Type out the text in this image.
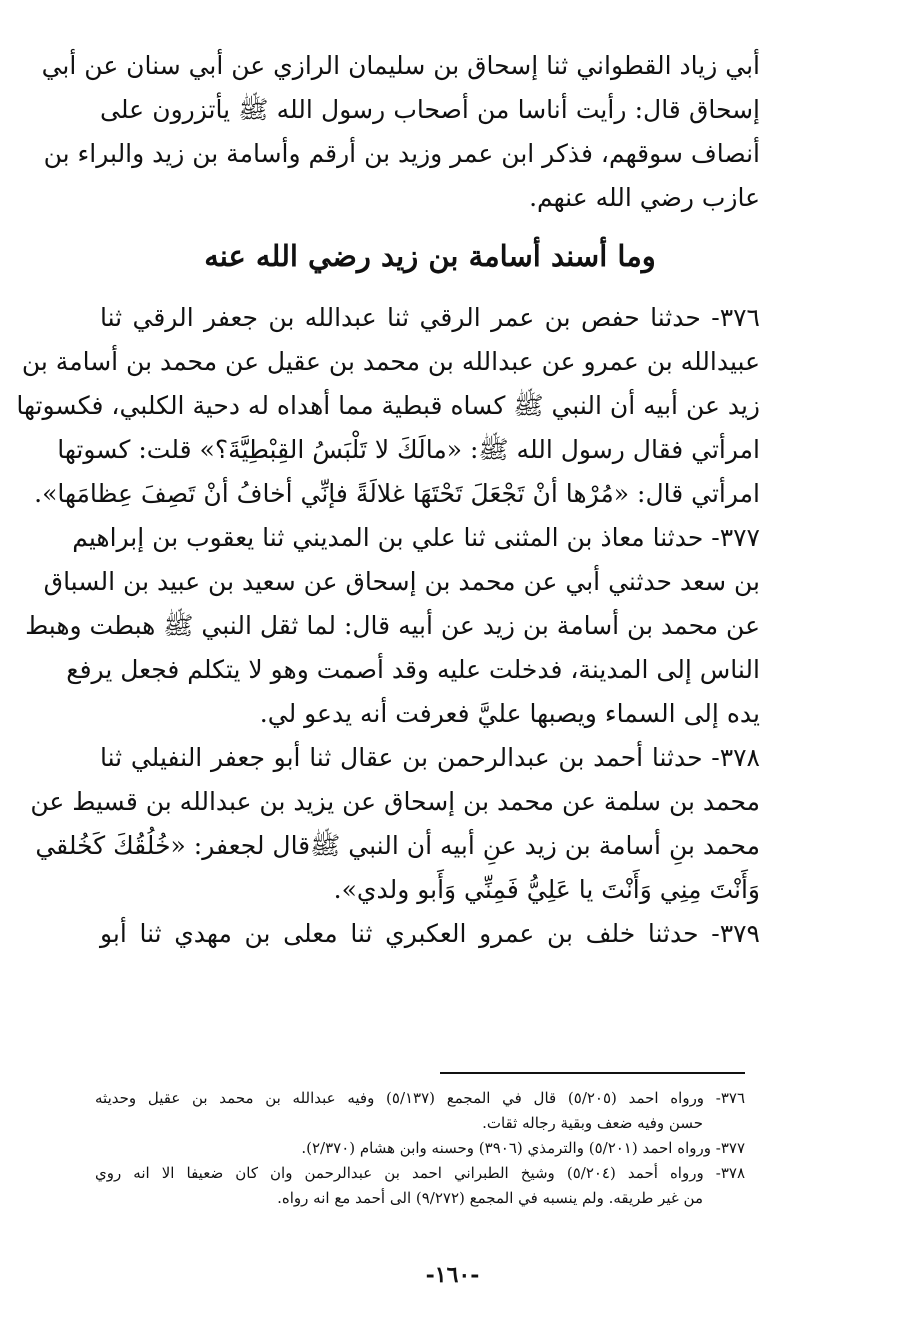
أبي زياد القطواني ثنا إسحاق بن سليمان الرازي عن أبي سنان عن أبي

إسحاق قال: رأيت أناسا من أصحاب رسول الله ﷺ يأتزرون على

أنصاف سوقهم، فذكر ابن عمر وزيد بن أرقم وأسامة بن زيد والبراء بن

عازب رضي الله عنهم.

وما أسند أسامة بن زيد رضي الله عنه

٣٧٦- حدثنا حفص بن عمر الرقي ثنا عبدالله بن جعفر الرقي ثنا

عبيدالله بن عمرو عن عبدالله بن محمد بن عقيل عن محمد بن أسامة بن

زيد عن أبيه أن النبي ﷺ كساه قبطية مما أهداه له دحية الكلبي، فكسوتها

امرأتي فقال رسول الله ﷺ: «مالَكَ لا تَلْبَسُ القِبْطِيَّةَ؟» قلت: كسوتها

امرأتي قال: «مُرْها أنْ تَجْعَلَ تَحْتَهَا غلالَةً فإنِّي أخافُ أنْ تَصِفَ عِظامَها».

٣٧٧- حدثنا معاذ بن المثنى ثنا علي بن المديني ثنا يعقوب بن إبراهيم

بن سعد حدثني أبي عن محمد بن إسحاق عن سعيد بن عبيد بن السباق

عن محمد بن أسامة بن زيد عن أبيه قال: لما ثقل النبي ﷺ هبطت وهبط

الناس إلى المدينة، فدخلت عليه وقد أصمت وهو لا يتكلم فجعل يرفع

يده إلى السماء ويصبها عليَّ فعرفت أنه يدعو لي.

٣٧٨- حدثنا أحمد بن عبدالرحمن بن عقال ثنا أبو جعفر النفيلي ثنا

محمد بن سلمة عن محمد بن إسحاق عن يزيد بن عبدالله بن قسيط عن

محمد بنِ أسامة بن زيد عنِ أبيه أن النبي ﷺقال لجعفر: «خُلُقُكَ كَخُلقي

وَأَنْتَ مِنِي وَأَنْتَ يا عَلِيُّ فَمِنِّي وَأَبو ولدي».

٣٧٩- حدثنا خلف بن عمرو العكبري ثنا معلى بن مهدي ثنا أبو

٣٧٦- ورواه احمد (٥/٢٠٥) قال في المجمع (٥/١٣٧) وفيه عبدالله بن محمد بن عقيل وحديثه
حسن وفيه ضعف وبقية رجاله ثقات.
٣٧٧- ورواه احمد (٥/٢٠١) والترمذي (٣٩٠٦) وحسنه وابن هشام (٢/٣٧٠).
٣٧٨- ورواه أحمد (٥/٢٠٤) وشيخ الطبراني احمد بن عبدالرحمن وان كان ضعيفا الا انه روي
من غير طريقه. ولم ينسبه في المجمع (٩/٢٧٢) الى أحمد مع انه رواه.
-١٦٠-
